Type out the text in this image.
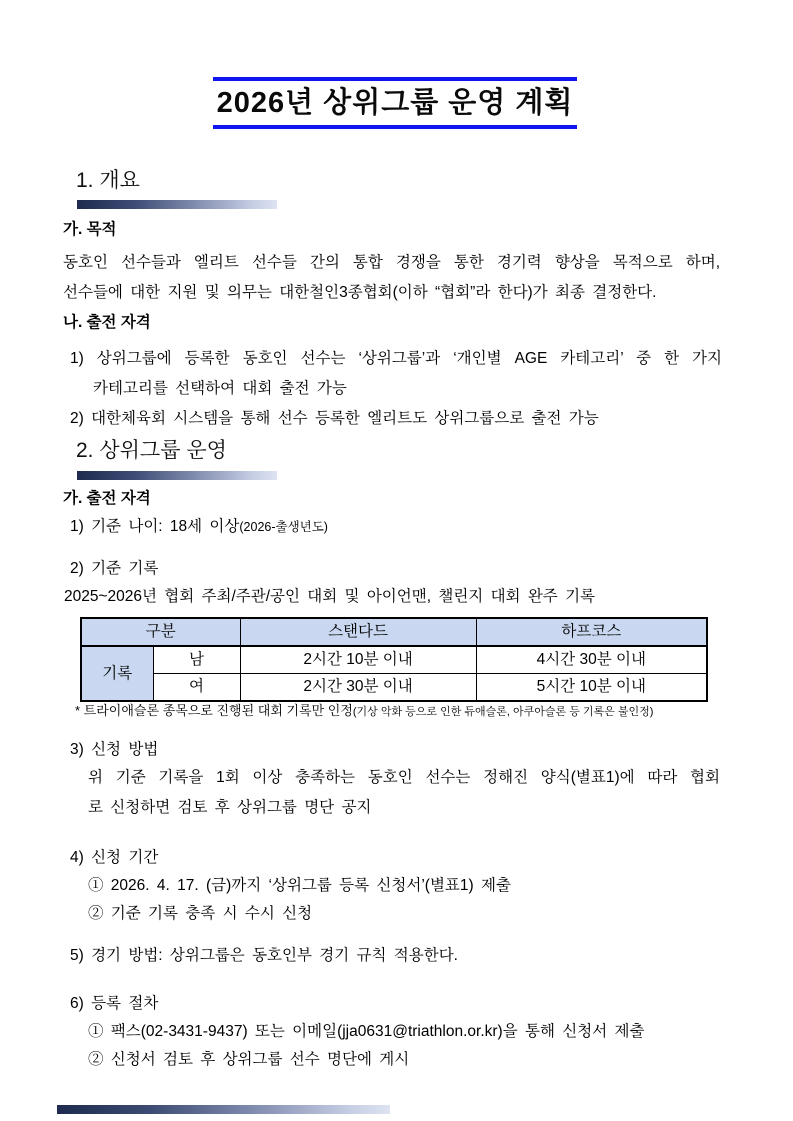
2026년 상위그룹 운영 계획
1. 개요
가. 목적
동호인 선수들과 엘리트 선수들 간의 통합 경쟁을 통한 경기력 향상을 목적으로 하며,
선수들에 대한 지원 및 의무는 대한철인3종협회(이하 “협회”라 한다)가 최종 결정한다.
나. 출전 자격
1) 상위그룹에 등록한 동호인 선수는 ‘상위그룹’과 ‘개인별 AGE 카테고리’ 중 한 가지
카테고리를 선택하여 대회 출전 가능
2) 대한체육회 시스템을 통해 선수 등록한 엘리트도 상위그룹으로 출전 가능
2. 상위그룹 운영
가. 출전 자격
1) 기준 나이: 18세 이상(2026-출생년도)
2) 기준 기록
2025~2026년 협회 주최/주관/공인 대회 및 아이언맨, 챌린지 대회 완주 기록
구분		스탠다드	하프코스
기록	남	2시간 10분 이내	4시간 30분 이내
	여	2시간 30분 이내	5시간 10분 이내
* 트라이애슬론 종목으로 진행된 대회 기록만 인정(기상 악화 등으로 인한 듀애슬론, 아쿠아슬론 등 기록은 불인정)
3) 신청 방법
위 기준 기록을 1회 이상 충족하는 동호인 선수는 정해진 양식(별표1)에 따라 협회
로 신청하면 검토 후 상위그룹 명단 공지
4) 신청 기간
① 2026. 4. 17. (금)까지 ‘상위그룹 등록 신청서’(별표1) 제출
② 기준 기록 충족 시 수시 신청
5) 경기 방법: 상위그룹은 동호인부 경기 규칙 적용한다.
6) 등록 절차
① 팩스(02-3431-9437) 또는 이메일(jja0631@triathlon.or.kr)을 통해 신청서 제출
② 신청서 검토 후 상위그룹 선수 명단에 게시
